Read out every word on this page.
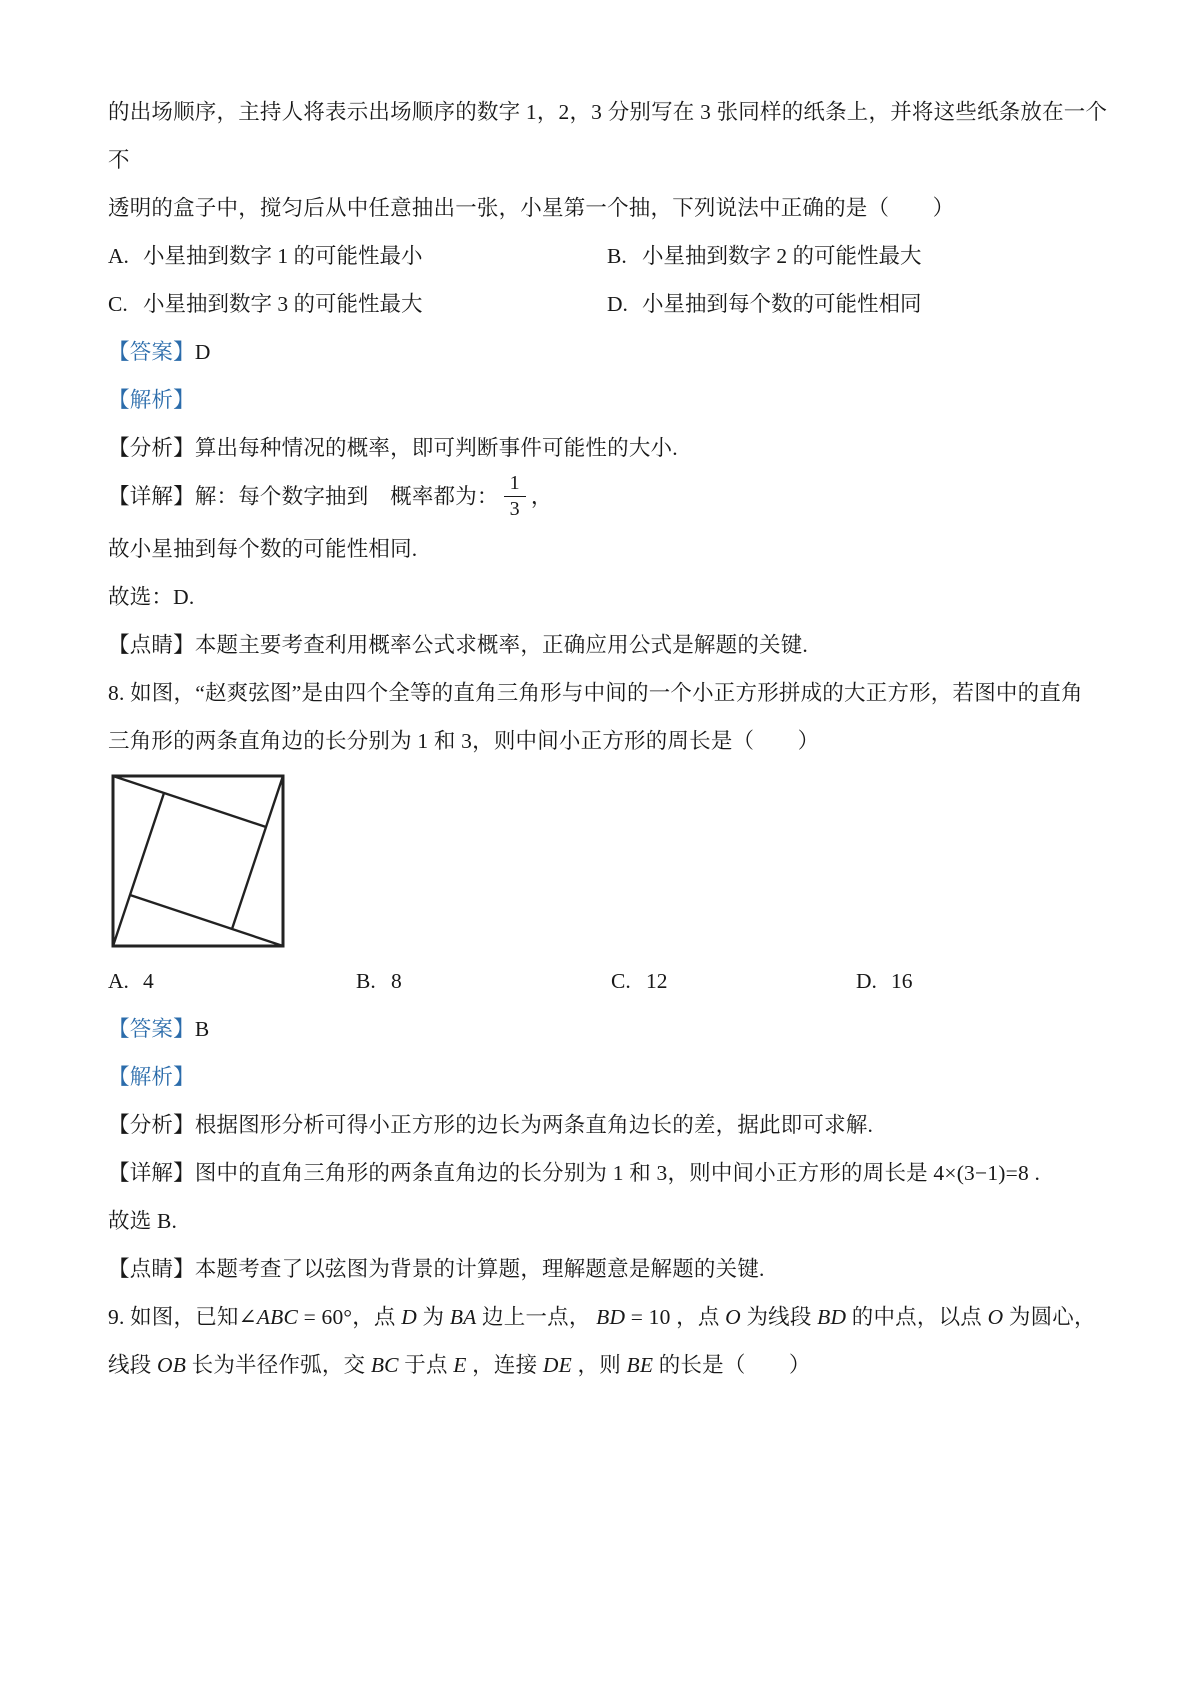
的出场顺序，主持人将表示出场顺序的数字 1，2，3 分别写在 3 张同样的纸条上，并将这些纸条放在一个不

透明的盒子中，搅匀后从中任意抽出一张，小星第一个抽，下列说法中正确的是（　　）

A. 小星抽到数字 1 的可能性最小	B. 小星抽到数字 2 的可能性最大
C. 小星抽到数字 3 的可能性最大	D. 小星抽到每个数的可能性相同

【答案】D

【解析】

【分析】算出每种情况的概率，即可判断事件可能性的大小.

【详解】解：每个数字抽到　概率都为： $\frac{1}{3}$ ，

故小星抽到每个数的可能性相同.

故选：D.

【点睛】本题主要考查利用概率公式求概率，正确应用公式是解题的关键.

8. 如图，“赵爽弦图”是由四个全等的直角三角形与中间的一个小正方形拼成的大正方形，若图中的直角

三角形的两条直角边的长分别为 1 和 3，则中间小正方形的周长是（　　）

A. 4	B. 8	C. 12	D. 16

【答案】B

【解析】

【分析】根据图形分析可得小正方形的边长为两条直角边长的差，据此即可求解.

【详解】图中的直角三角形的两条直角边的长分别为 1 和 3，则中间小正方形的周长是 4×(3−1)=8 .

故选 B.

【点睛】本题考查了以弦图为背景的计算题，理解题意是解题的关键.

9. 如图，已知∠ABC = 60°，点 D 为 BA 边上一点， BD = 10 ，点 O 为线段 BD 的中点，以点 O 为圆心，

线段 OB 长为半径作弧，交 BC 于点 E ，连接 DE ，则 BE 的长是（　　）
